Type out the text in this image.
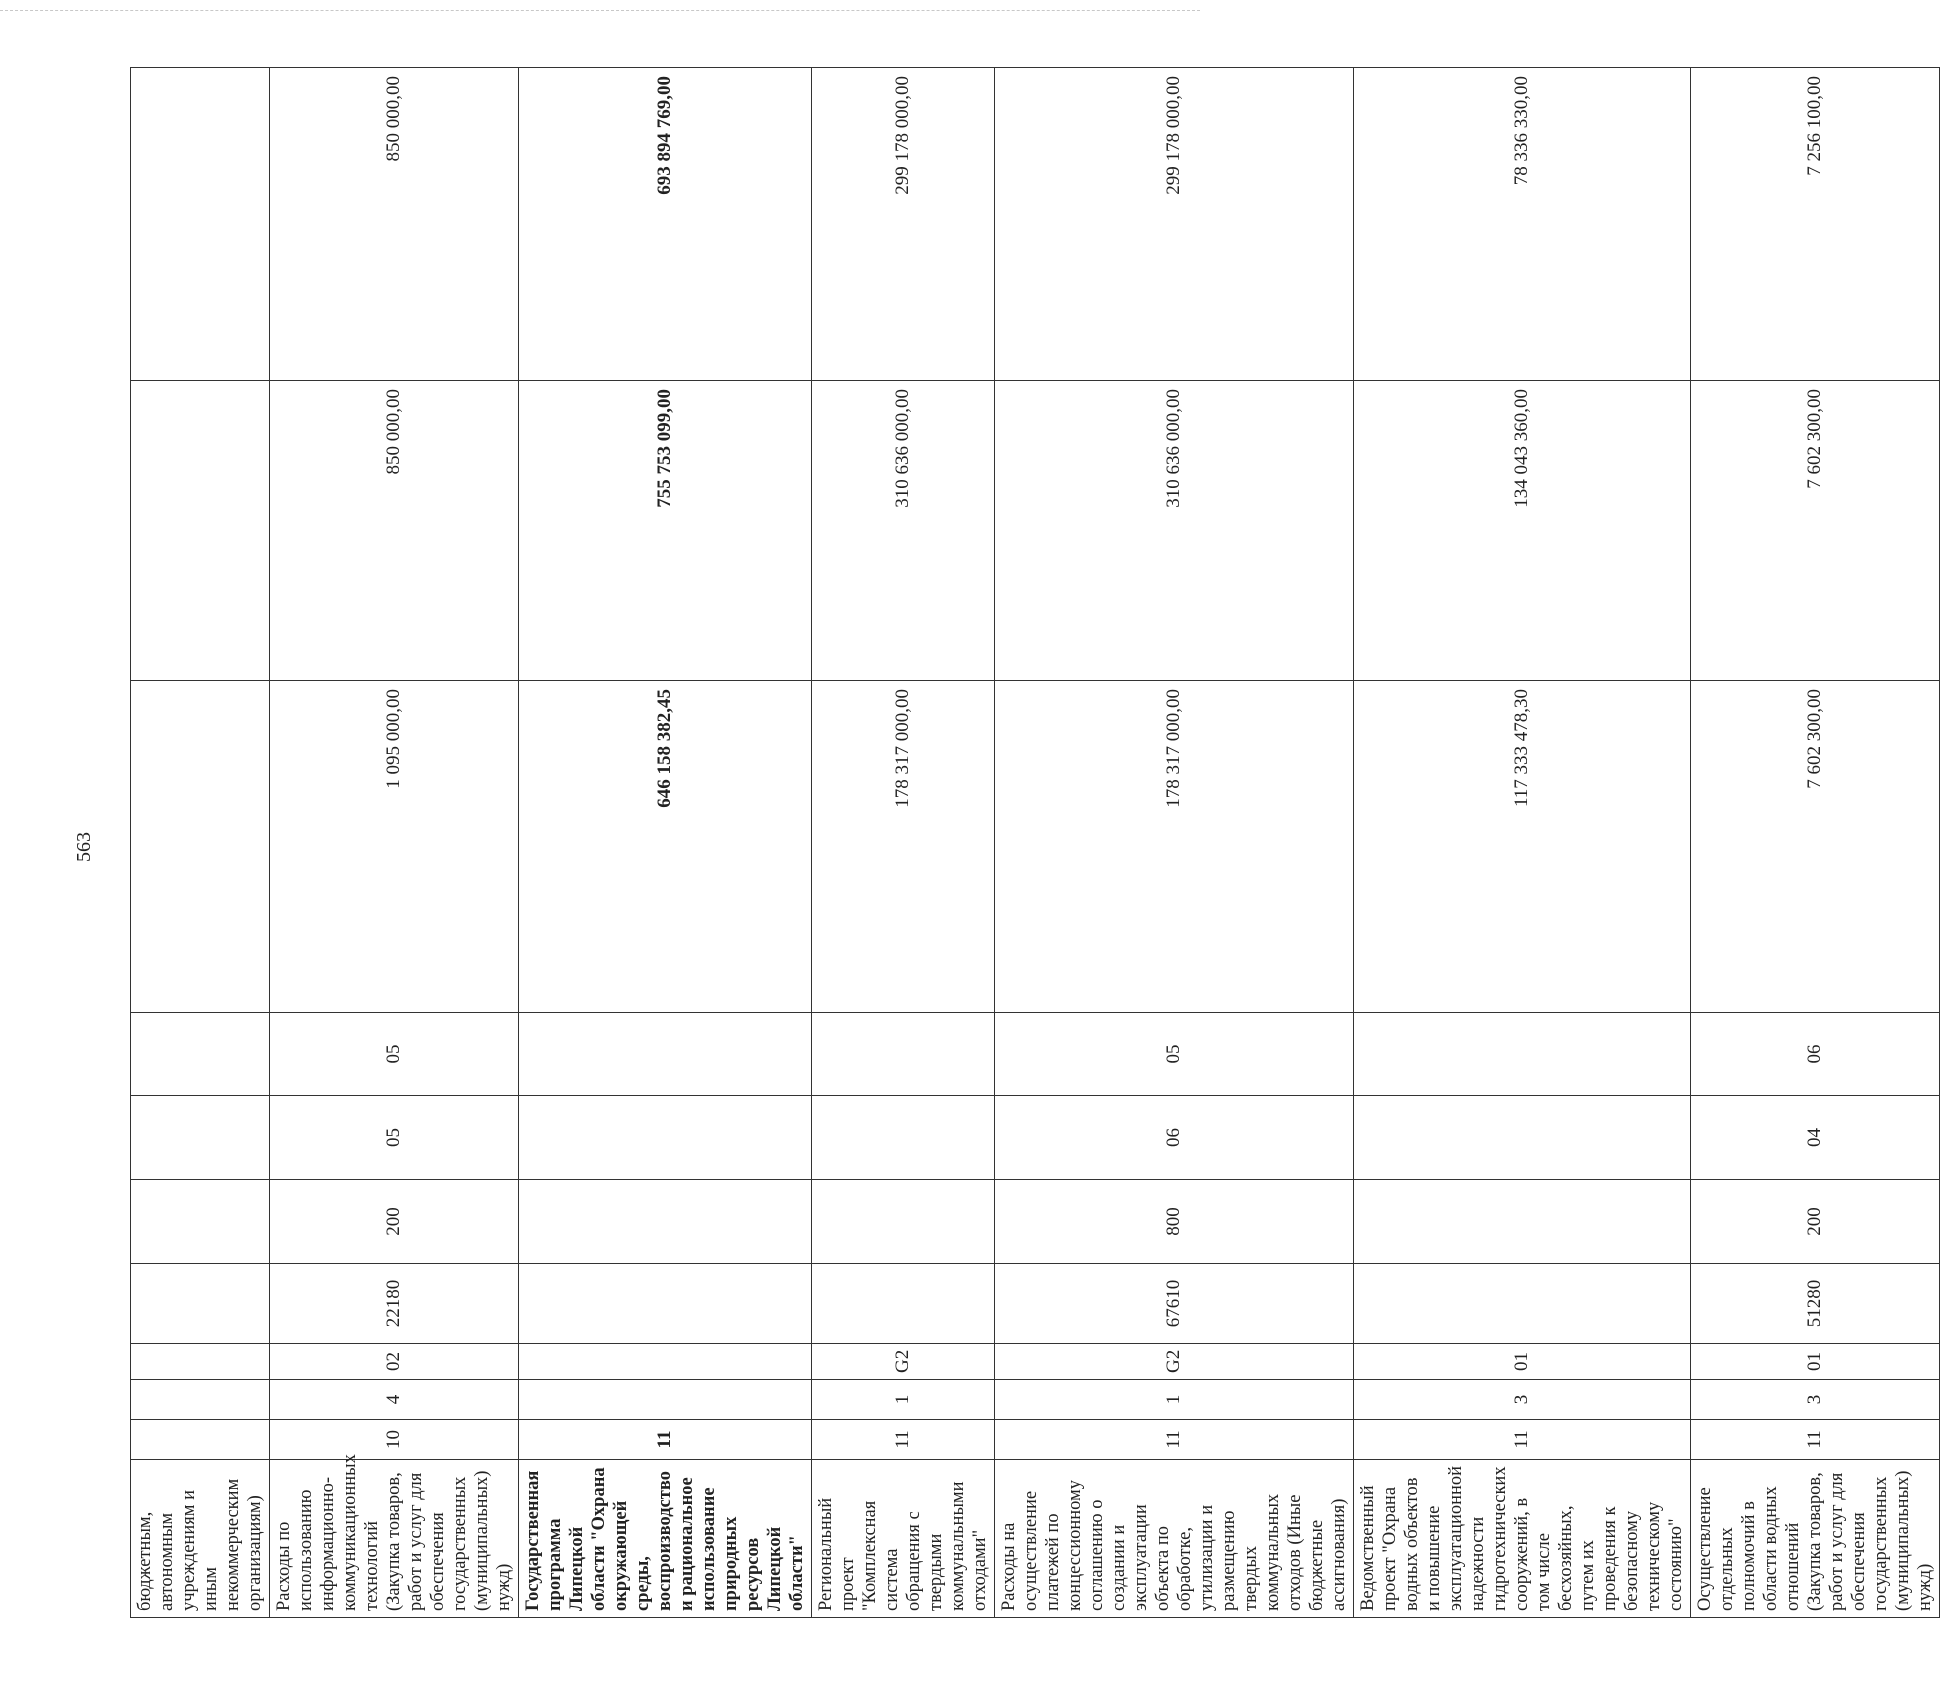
563
бюджетным, автономным учреждениям и иным некоммерческим организациям)										
Расходы по использованию информационно-коммуникационных технологий (Закупка товаров, работ и услуг для обеспечения государственных (муниципальных) нужд)	10	4	02	22180	200	05	05	1 095 000,00	850 000,00	850 000,00
Государственная программа Липецкой области "Охрана окружающей среды, воспроизводство и рациональное использование природных ресурсов Липецкой области"	11							646 158 382,45	755 753 099,00	693 894 769,00
Региональный проект "Комплексная система обращения с твердыми коммунальными отходами"	11	1	G2					178 317 000,00	310 636 000,00	299 178 000,00
Расходы на осуществление платежей по концессионному соглашению о создании и эксплуатации объекта по обработке, утилизации и размещению твердых коммунальных отходов (Иные бюджетные ассигнования)	11	1	G2	67610	800	06	05	178 317 000,00	310 636 000,00	299 178 000,00
Ведомственный проект "Охрана водных объектов и повышение эксплуатационной надежности гидротехнических сооружений, в том числе бесхозяйных, путем их проведения к безопасному техническому состоянию"	11	3	01					117 333 478,30	134 043 360,00	78 336 330,00
Осуществление отдельных полномочий в области водных отношений (Закупка товаров, работ и услуг для обеспечения государственных (муниципальных) нужд)	11	3	01	51280	200	04	06	7 602 300,00	7 602 300,00	7 256 100,00
